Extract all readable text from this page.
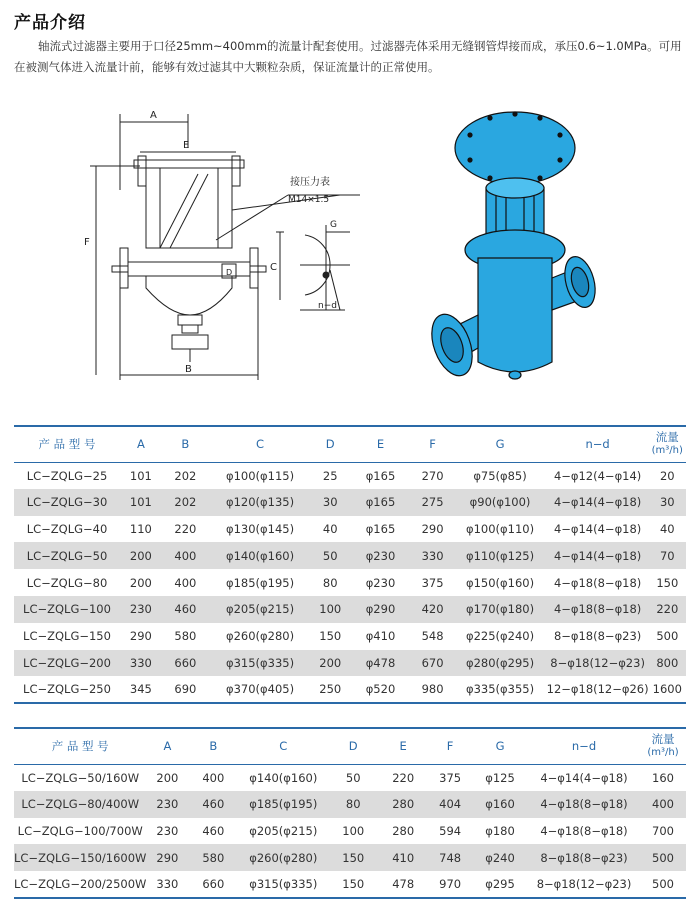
产品介绍
轴流式过滤器主要用于口径25mm~400mm的流量计配套使用。过滤器壳体采用无缝钢管焊接而成，承压0.6~1.0MPa。可用在被测气体进入流量计前，能够有效过滤其中大颗粒杂质，保证流量计的正常使用。
A
E
D
F
B
接压力表
M14×1.5
C
G
n−d
产 品 型 号	A	B	C	D	E	F	G	n−d	流量
(m³/h)

LC−ZQLG−25	101	202	φ100(φ115)	25	φ165	270	φ75(φ85)	4−φ12(4−φ14)	20
LC−ZQLG−30	101	202	φ120(φ135)	30	φ165	275	φ90(φ100)	4−φ14(4−φ18)	30
LC−ZQLG−40	110	220	φ130(φ145)	40	φ165	290	φ100(φ110)	4−φ14(4−φ18)	40
LC−ZQLG−50	200	400	φ140(φ160)	50	φ230	330	φ110(φ125)	4−φ14(4−φ18)	70
LC−ZQLG−80	200	400	φ185(φ195)	80	φ230	375	φ150(φ160)	4−φ18(8−φ18)	150
LC−ZQLG−100	230	460	φ205(φ215)	100	φ290	420	φ170(φ180)	4−φ18(8−φ18)	220
LC−ZQLG−150	290	580	φ260(φ280)	150	φ410	548	φ225(φ240)	8−φ18(8−φ23)	500
LC−ZQLG−200	330	660	φ315(φ335)	200	φ478	670	φ280(φ295)	8−φ18(12−φ23)	800
LC−ZQLG−250	345	690	φ370(φ405)	250	φ520	980	φ335(φ355)	12−φ18(12−φ26)	1600
产 品 型 号	A	B	C	D	E	F	G	n−d	流量
(m³/h)

LC−ZQLG−50/160W	200	400	φ140(φ160)	50	220	375	φ125	4−φ14(4−φ18)	160
LC−ZQLG−80/400W	230	460	φ185(φ195)	80	280	404	φ160	4−φ18(8−φ18)	400
LC−ZQLG−100/700W	230	460	φ205(φ215)	100	280	594	φ180	4−φ18(8−φ18)	700
LC−ZQLG−150/1600W	290	580	φ260(φ280)	150	410	748	φ240	8−φ18(8−φ23)	500
LC−ZQLG−200/2500W	330	660	φ315(φ335)	150	478	970	φ295	8−φ18(12−φ23)	500
